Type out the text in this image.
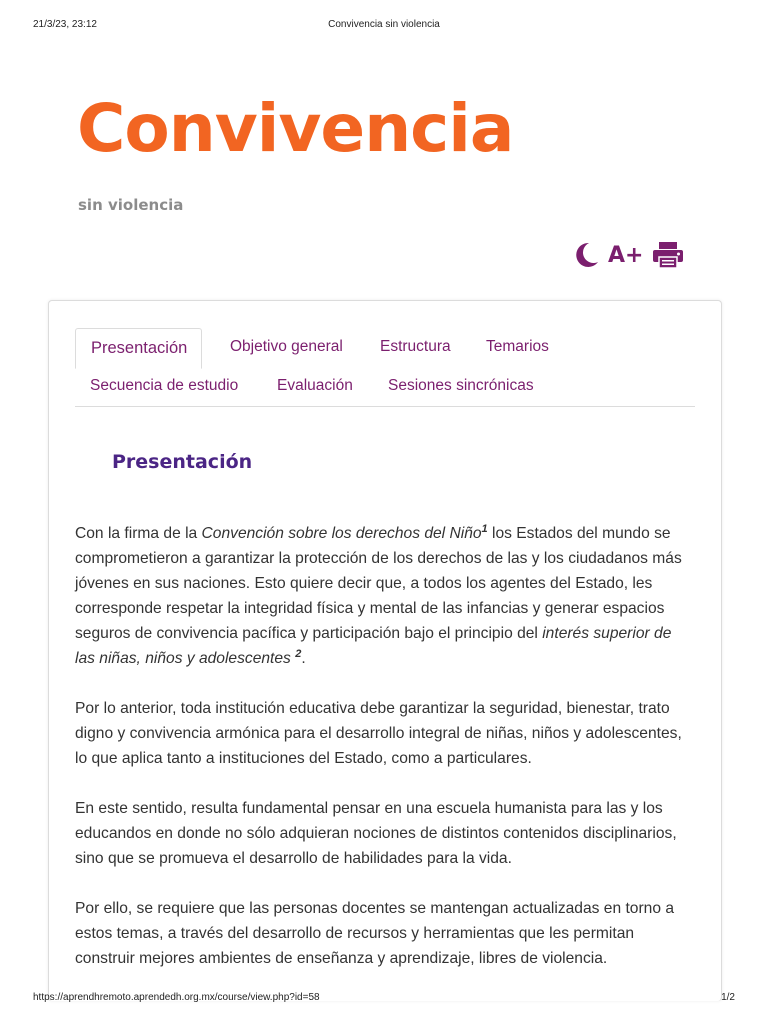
21/3/23, 23:12	Convivencia sin violencia
Convivencia
sin violencia
A+
Presentación	Objetivo general Estructura Temarios
Secuencia de estudio	Evaluación Sesiones sincrónicas
Presentación

Con la firma de la Convención sobre los derechos del Niño$^1$ los Estados del mundo se comprometieron a garantizar la protección de los derechos de las y los ciudadanos más jóvenes en sus naciones. Esto quiere decir que, a todos los agentes del Estado, les corresponde respetar la integridad física y mental de las infancias y generar espacios seguros de convivencia pacífica y participación bajo el principio del interés superior de las niñas, niños y adolescentes $^2$.

Por lo anterior, toda institución educativa debe garantizar la seguridad, bienestar, trato digno y convivencia armónica para el desarrollo integral de niñas, niños y adolescentes, lo que aplica tanto a instituciones del Estado, como a particulares.

En este sentido, resulta fundamental pensar en una escuela humanista para las y los educandos en donde no sólo adquieran nociones de distintos contenidos disciplinarios, sino que se promueva el desarrollo de habilidades para la vida.

Por ello, se requiere que las personas docentes se mantengan actualizadas en torno a estos temas, a través del desarrollo de recursos y herramientas que les permitan construir mejores ambientes de enseñanza y aprendizaje, libres de violencia.

https://aprendhremoto.aprendedh.org.mx/course/view.php?id=58	1/2
